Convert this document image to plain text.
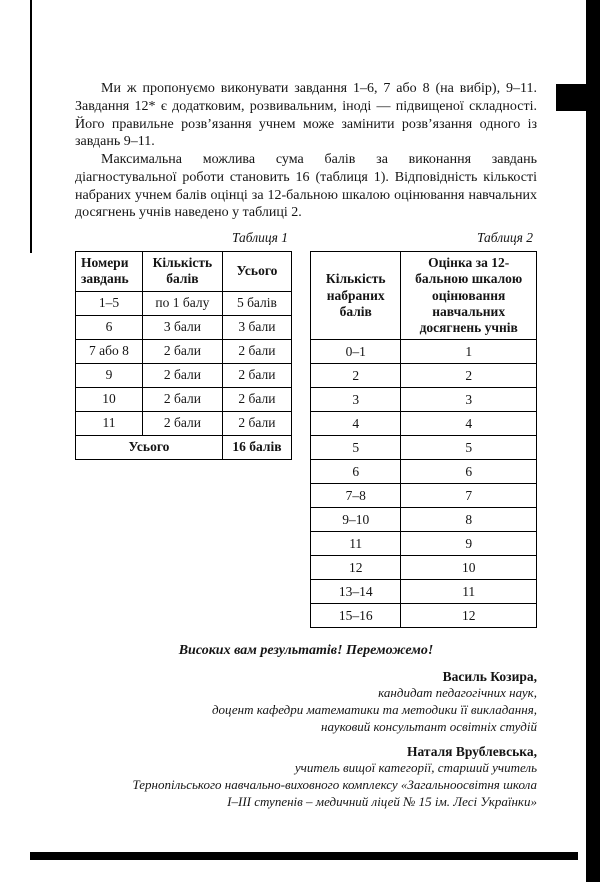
Ми ж пропонуємо виконувати завдання 1–6, 7 або 8 (на вибір), 9–11. Завдання 12* є додатковим, розвивальним, іноді — підвищеної складності. Його правильне розв’язання учнем може замінити розв’язання одного із завдань 9–11.

Максимальна можлива сума балів за виконання завдань діагностувальної роботи становить 16 (таблиця 1). Відповідність кількості набраних учнем балів оцінці за 12-бальною шкалою оцінювання навчальних досягнень учнів наведено у таблиці 2.

Таблиця 1
Номери завдань	Кількість балів	Усього
1–5	по 1 балу	5 балів
6	3 бали	3 бали
7 або 8	2 бали	2 бали
9	2 бали	2 бали
10	2 бали	2 бали
11	2 бали	2 бали
Усього		16 балів
Таблиця 2
Кількість набраних балів	Оцінка за 12-бальною шкалою оцінювання навчальних досягнень учнів
0–1	1
2	2
3	3
4	4
5	5
6	6
7–8	7
9–10	8
11	9
12	10
13–14	11
15–16	12

Високих вам результатів! Переможемо!

Василь Козира,

кандидат педагогічних наук,

доцент кафедри математики та методики її викладання,

науковий консультант освітніх студій

Наталя Врублевська,

учитель вищої категорії, старший учитель

Тернопільського навчально-виховного комплексу «Загальноосвітня школа

І–ІІІ ступенів – медичний ліцей № 15 ім. Лесі Українки»
